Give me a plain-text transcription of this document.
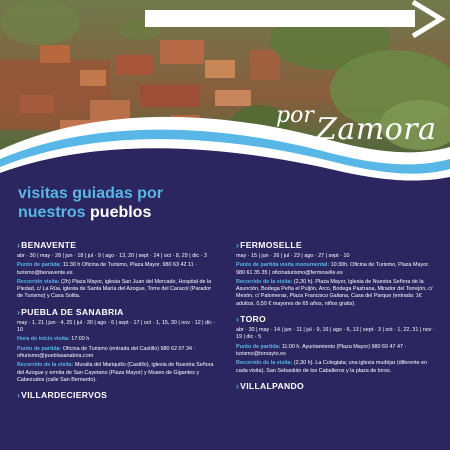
por Zamora
2022
visitas guiadas por
nuestros pueblos
›BENAVENTE
abr · 30 | may · 28 | jun · 18 | jul · 9 | ago · 13, 20 | sept · 24 | oct · 8, 29 | dic · 3
Punto de partida: 11:30 h Oficina de Turismo, Plaza Mayor. 980 63 42 11 · turismo@benavente.es
Recorrido visita: (2h) Plaza Mayor, iglesia San Juan del Mercado, Hospital de la Piedad, c/ La Rúa, iglesia de Santa María del Azogue, Torre del Caracol (Parador de Turismo) y Casa Solita.
›PUEBLA DE SANABRIA
may · 1, 21 | jun · 4, 25 | jul · 30 | ago · 6 | sept · 17 | oct · 1, 15, 30 | nov · 12 | dic · 10
Hora de inicio visita: 17:00 h
Punto de partida: Oficina de Turismo (entrada del Castillo) 980 62 07 34 · ofturismo@pueblasanabria.com
Recorrido de la visita: Muralla del Mariquillo (Castillo), iglesia de Nuestra Señora del Azogue y ermita de San Cayetano (Plaza Mayor) y Museo de Gigantes y Cabezudos (calle San Bernardo).
›VILLARDECIERVOS
›FERMOSELLE
may · 15 | jun · 26 | jul · 23 | ago · 27 | sept · 10
Punto de partida visita monumental: 10:30h. Oficina de Turismo, Plaza Mayor. 980 61 35 35 | oficinaturismo@fermoselle.es
Recorrido de la visita: (2,30 h). Plaza Mayor, Iglesia de Nuestra Señora de la Asunción, Bodega Peña el Puljón, Arco, Bodega Pastrana, Mirador del Torrejón, c/ Mesón, c/ Palomeras, Plaza Francisco Galiana, Casa del Parque (entrada: 1€ adultos, 0,50 € mayores de 65 años, niños gratis).
›TORO
abr · 30 | may · 14 | jun · 11 | jul · 9, 16 | ago · 6, 13 | sept · 3 | oct · 1, 22, 31 | nov · 19 | dic · 5
Punto de partida: 11:00 h. Ayuntamiento (Plaza Mayor) 980 69 47 47 · turismo@toroayto.es
Recorrido de la visita: (2,30 h). La Colegiata; una iglesia mudéjar (diferente en cada visita), San Sebastián de los Caballeros y la plaza de toros.
›VILLALPANDO
